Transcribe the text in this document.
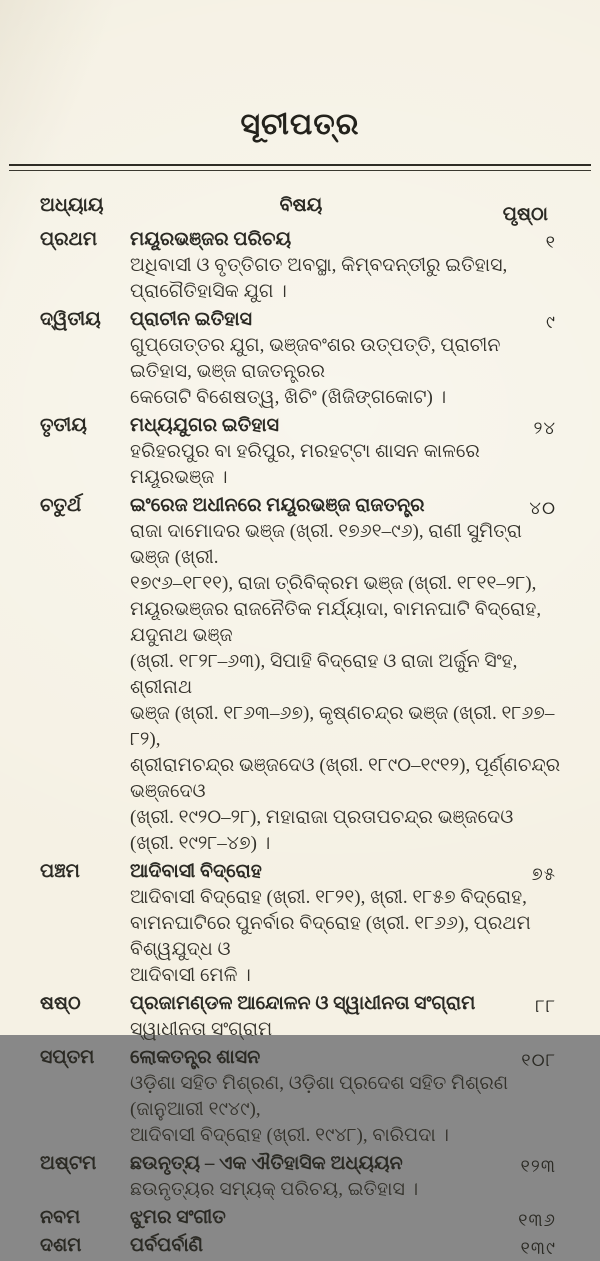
ସୂଚୀପତ୍ର
ଅଧ୍ୟାୟ	ବିଷୟ	ପୃଷ୍ଠା
ପ୍ରଥମ	ମୟୂରଭଞ୍ଜର ପରିଚୟ	୧
ଅଧିବାସୀ ଓ ବୃତ୍ତିଗତ ଅବସ୍ଥା, କିମ୍ବଦନ୍ତୀରୁ ଇତିହାସ, ପ୍ରାଗୈତିହାସିକ ଯୁଗ ।
ଦ୍ୱିତୀୟ	ପ୍ରାଚୀନ ଇତିହାସ	୯
ଗୁପ୍ତୋତ୍ତର ଯୁଗ, ଭଞ୍ଜବଂଶର ଉତ୍ପତ୍ତି, ପ୍ରାଚୀନ ଇତିହାସ, ଭଞ୍ଜ ରାଜତନ୍ତ୍ରର
କେତୋଟି ବିଶେଷତ୍ୱ, ଖିଚିଂ (ଖିଜିଙ୍ଗକୋଟ) ।
ତୃତୀୟ	ମଧ୍ୟଯୁଗର ଇତିହାସ	୨୪
ହରିହରପୁର ବା ହରିପୁର, ମରହଟ୍ଟା ଶାସନ କାଳରେ ମୟୂରଭଞ୍ଜ ।
ଚତୁର୍ଥ	ଇଂରେଜ ଅଧୀନରେ ମୟୂରଭଞ୍ଜ ରାଜତନ୍ତ୍ର	୪୦
ରାଜା ଦାମୋଦର ଭଞ୍ଜ (ଖ୍ରୀ. ୧୭୬୧–୯୬), ରାଣୀ ସୁମିତ୍ରା ଭଞ୍ଜ (ଖ୍ରୀ.
୧୭୯୬–୧୮୧୧), ରାଜା ତ୍ରିବିକ୍ରମ ଭଞ୍ଜ (ଖ୍ରୀ. ୧୮୧୧–୨୮),
ମୟୂରଭଞ୍ଜର ରାଜନୈତିକ ମର୍ଯ୍ୟାଦା, ବାମନଘାଟି ବିଦ୍ରୋହ, ଯଦୁନାଥ ଭଞ୍ଜ
(ଖ୍ରୀ. ୧୮୨୮–୬୩), ସିପାହି ବିଦ୍ରୋହ ଓ ରାଜା ଅର୍ଜୁନ ସିଂହ, ଶ୍ରୀନାଥ
ଭଞ୍ଜ (ଖ୍ରୀ. ୧୮୬୩–୬୭), କୃଷ୍ଣଚନ୍ଦ୍ର ଭଞ୍ଜ (ଖ୍ରୀ. ୧୮୬୭–୮୨),
ଶ୍ରୀରାମଚନ୍ଦ୍ର ଭଞ୍ଜଦେଓ (ଖ୍ରୀ. ୧୮୯୦–୧୯୧୨), ପୂର୍ଣ୍ଣଚନ୍ଦ୍ର ଭଞ୍ଜଦେଓ
(ଖ୍ରୀ. ୧୯୨୦–୨୮), ମହାରାଜା ପ୍ରତାପଚନ୍ଦ୍ର ଭଞ୍ଜଦେଓ
(ଖ୍ରୀ. ୧୯୨୮–୪୭) ।
ପଞ୍ଚମ	ଆଦିବାସୀ ବିଦ୍ରୋହ	୭୫
ଆଦିବାସୀ ବିଦ୍ରୋହ (ଖ୍ରୀ. ୧୮୨୧), ଖ୍ରୀ. ୧୮୫୭ ବିଦ୍ରୋହ,
ବାମନଘାଟିରେ ପୁନର୍ବାର ବିଦ୍ରୋହ (ଖ୍ରୀ. ୧୮୬୬), ପ୍ରଥମ ବିଶ୍ୱଯୁଦ୍ଧ ଓ
ଆଦିବାସୀ ମେଳି ।
ଷଷ୍ଠ	ପ୍ରଜାମଣ୍ଡଳ ଆନ୍ଦୋଳନ ଓ ସ୍ୱାଧୀନତା ସଂଗ୍ରାମ	୮୮
ସ୍ୱାଧୀନତା ସଂଗ୍ରାମ
ସପ୍ତମ	ଲୋକତନ୍ତ୍ର ଶାସନ	୧୦୮
ଓଡ଼ିଶା ସହିତ ମିଶ୍ରଣ, ଓଡ଼ିଶା ପ୍ରଦେଶ ସହିତ ମିଶ୍ରଣ (ଜାନୁଆରୀ ୧୯୪୯),
ଆଦିବାସୀ ବିଦ୍ରୋହ (ଖ୍ରୀ. ୧୯୪୮), ବାରିପଦା ।
ଅଷ୍ଟମ	ଛଉନୃତ୍ୟ – ଏକ ଐତିହାସିକ ଅଧ୍ୟୟନ	୧୨୩
ଛଉନୃତ୍ୟର ସମ୍ୟକ୍ ପରିଚୟ, ଇତିହାସ ।
ନବମ	ଝୁମର ସଂଗୀତ	୧୩୬
ଦଶମ	ପର୍ବପର୍ବାଣି	୧୩୯
